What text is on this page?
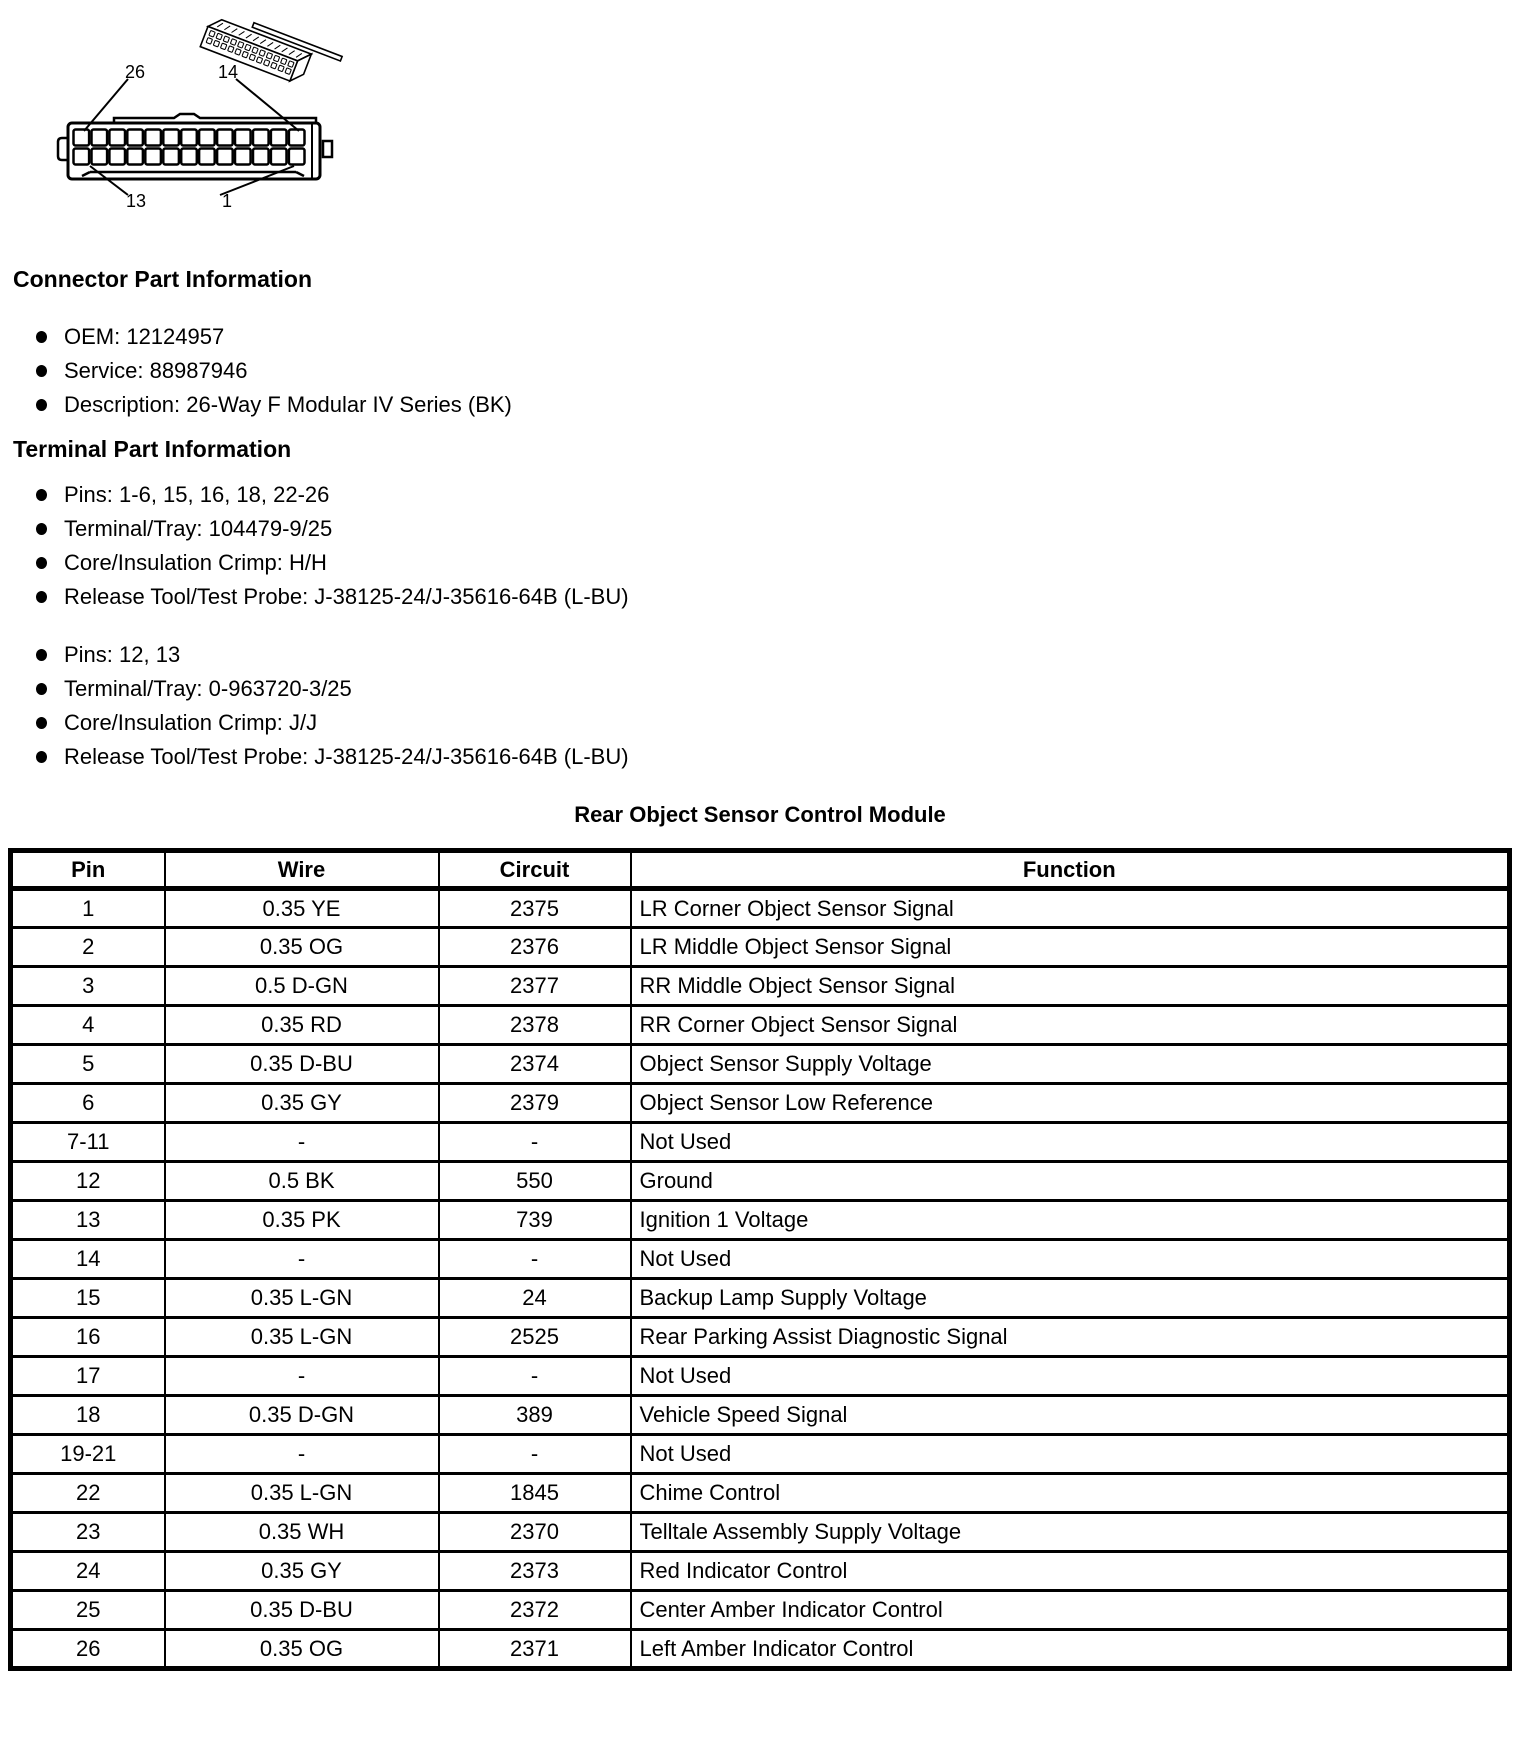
26	14
13	1
Connector Part Information
OEM: 12124957
Service: 88987946
Description: 26-Way F Modular IV Series (BK)
Terminal Part Information
Pins: 1-6, 15, 16, 18, 22-26
Terminal/Tray: 104479-9/25
Core/Insulation Crimp: H/H
Release Tool/Test Probe: J-38125-24/J-35616-64B (L-BU)
Pins: 12, 13
Terminal/Tray: 0-963720-3/25
Core/Insulation Crimp: J/J
Release Tool/Test Probe: J-38125-24/J-35616-64B (L-BU)
Rear Object Sensor Control Module
Pin	Wire	Circuit	Function
1	0.35 YE	2375	LR Corner Object Sensor Signal
2	0.35 OG	2376	LR Middle Object Sensor Signal
3	0.5 D-GN	2377	RR Middle Object Sensor Signal
4	0.35 RD	2378	RR Corner Object Sensor Signal
5	0.35 D-BU	2374	Object Sensor Supply Voltage
6	0.35 GY	2379	Object Sensor Low Reference
7-11	-	-	Not Used
12	0.5 BK	550	Ground
13	0.35 PK	739	Ignition 1 Voltage
14	-	-	Not Used
15	0.35 L-GN	24	Backup Lamp Supply Voltage
16	0.35 L-GN	2525	Rear Parking Assist Diagnostic Signal
17	-	-	Not Used
18	0.35 D-GN	389	Vehicle Speed Signal
19-21	-	-	Not Used
22	0.35 L-GN	1845	Chime Control
23	0.35 WH	2370	Telltale Assembly Supply Voltage
24	0.35 GY	2373	Red Indicator Control
25	0.35 D-BU	2372	Center Amber Indicator Control
26	0.35 OG	2371	Left Amber Indicator Control
